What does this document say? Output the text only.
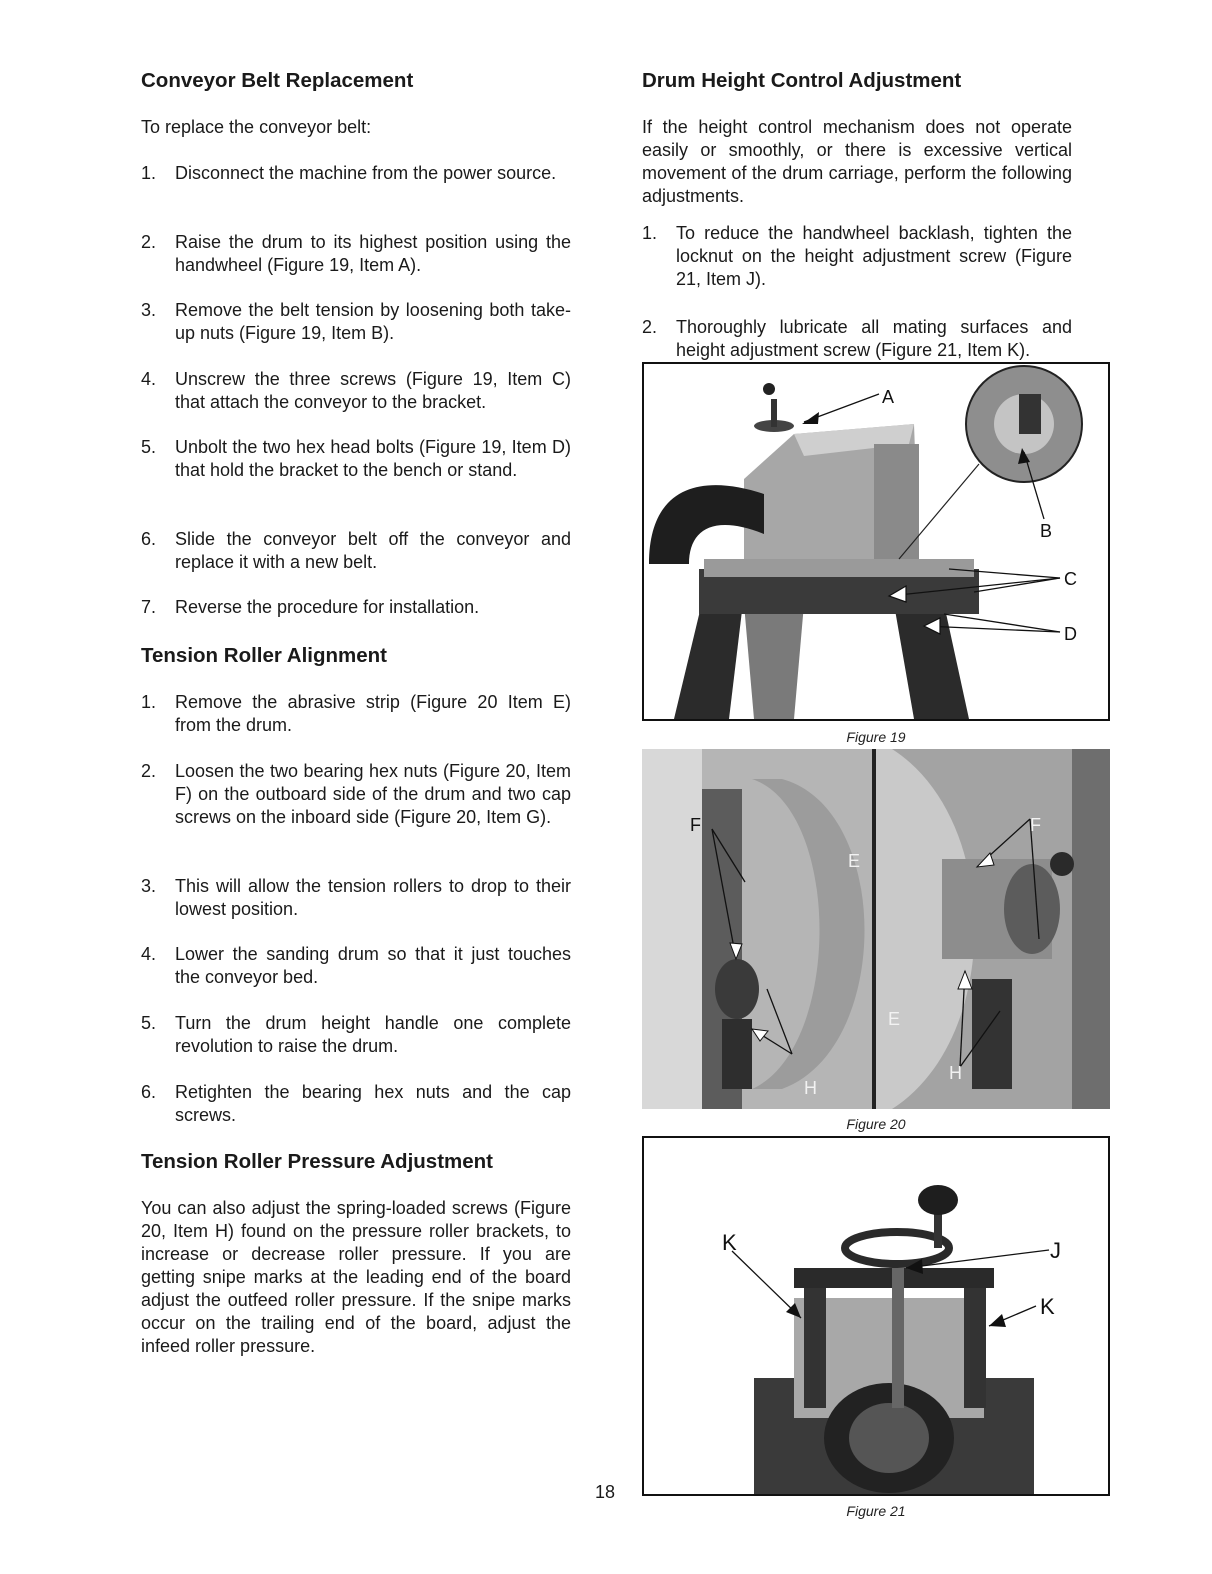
Conveyor Belt Replacement

To replace the conveyor belt:

1. Disconnect the machine from the power source.
2. Raise the drum to its highest position using the handwheel (Figure 19, Item A).
3. Remove the belt tension by loosening both take-up nuts (Figure 19, Item B).
4. Unscrew the three screws (Figure 19, Item C) that attach the conveyor to the bracket.
5. Unbolt the two hex head bolts (Figure 19, Item D) that hold the bracket to the bench or stand.
6. Slide the conveyor belt off the conveyor and replace it with a new belt.
7. Reverse the procedure for installation.
Tension Roller Alignment
1. Remove the abrasive strip (Figure 20 Item E) from the drum.
2. Loosen the two bearing hex nuts (Figure 20, Item F) on the outboard side of the drum and two cap screws on the inboard side (Figure 20, Item G).
3. This will allow the tension rollers to drop to their lowest position.
4. Lower the sanding drum so that it just touches the conveyor bed.
5. Turn the drum height handle one complete revolution to raise the drum.
6. Retighten the bearing hex nuts and the cap screws.
Tension Roller Pressure Adjustment

You can also adjust the spring-loaded screws (Figure 20, Item H) found on the pressure roller brackets, to increase or decrease roller pressure. If you are getting snipe marks at the leading end of the board adjust the outfeed roller pressure. If the snipe marks occur on the trailing end of the board, adjust the infeed roller pressure.

Drum Height Control Adjustment

If the height control mechanism does not operate easily or smoothly, or there is excessive vertical movement of the drum carriage, perform the following adjustments.

1. To reduce the handwheel backlash, tighten the locknut on the height adjustment screw (Figure 21, Item J).
2. Thoroughly lubricate all mating surfaces and height adjustment screw (Figure 21, Item K).
A
B
C
D
Figure 19
F
E
H
F
E
H
Figure 20
K	J
K
Figure 21
18
